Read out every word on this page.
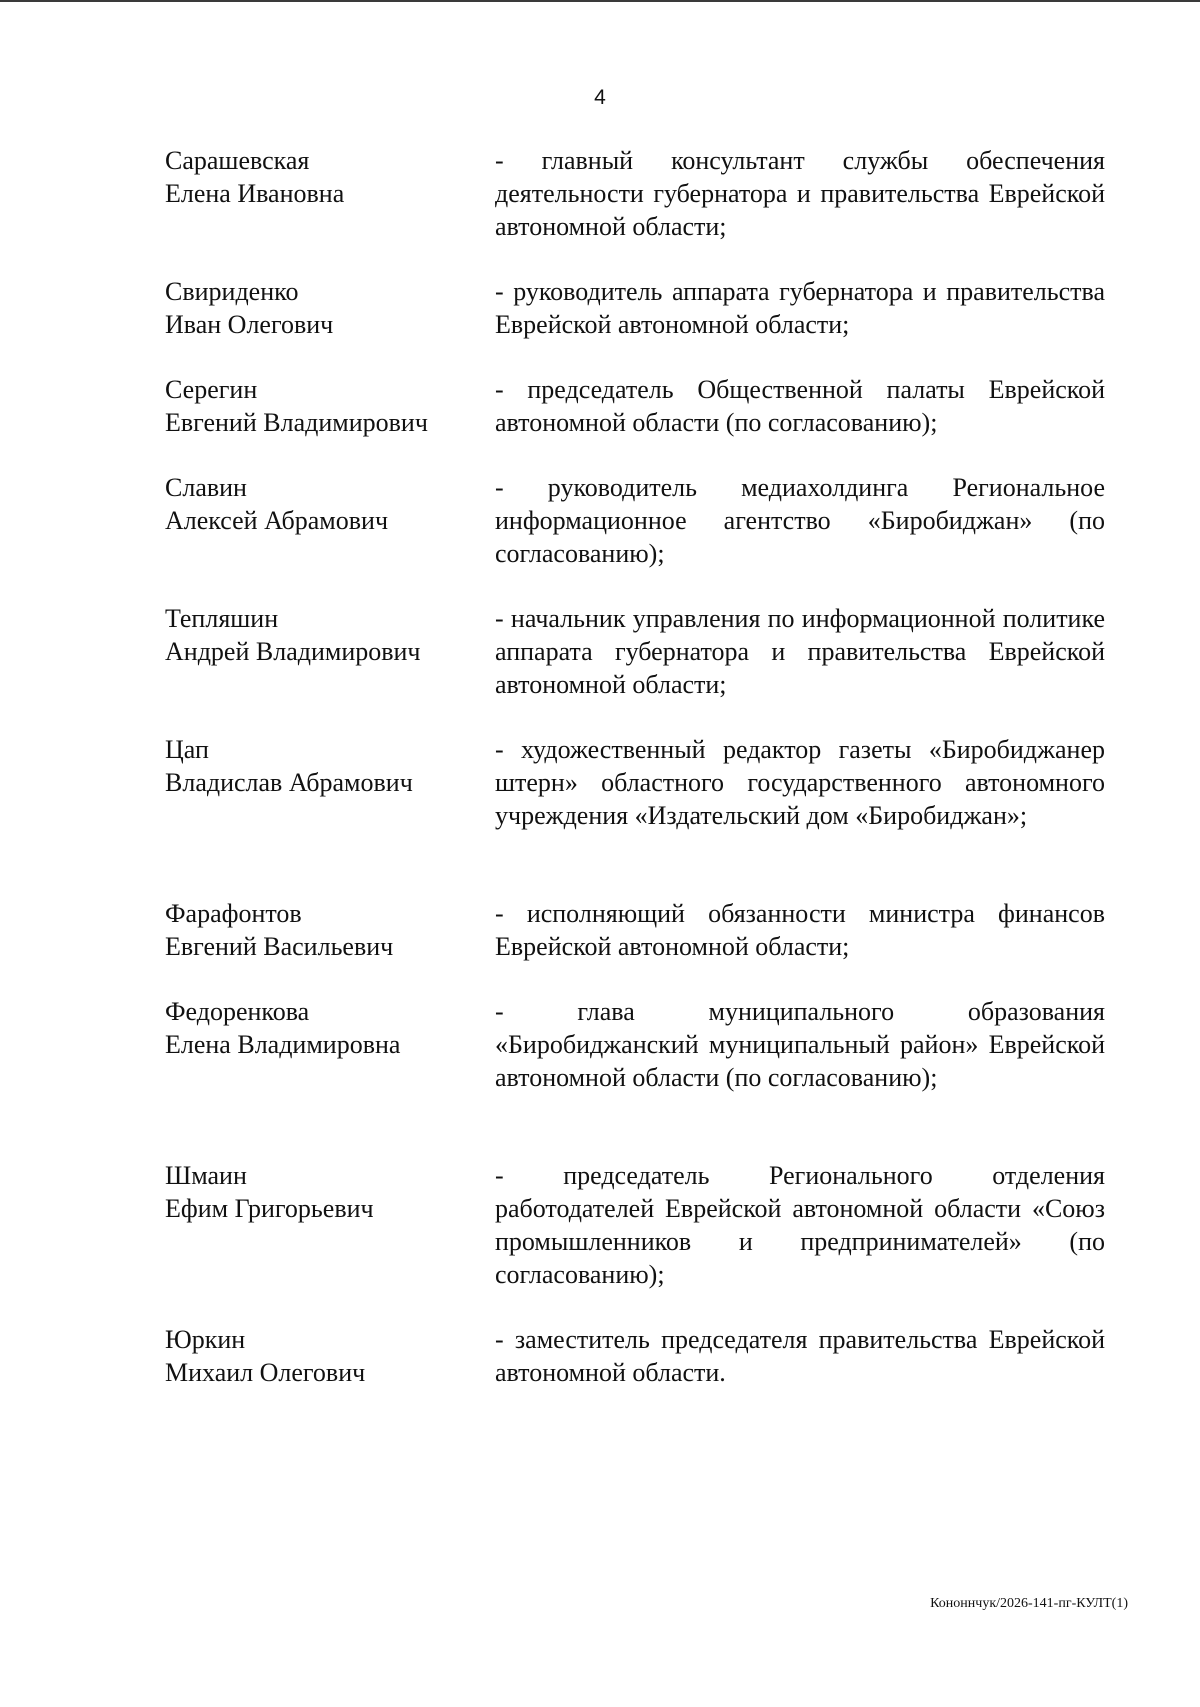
4
Сарашевская
Елена Ивановна
- главный консультант службы обеспечения деятельности губернатора и правительства Еврейской автономной области;
Свириденко
Иван Олегович
- руководитель аппарата губернатора и правительства Еврейской автономной области;
Серегин
Евгений Владимирович
- председатель Общественной палаты Еврейской автономной области (по согласованию);
Славин
Алексей Абрамович
- руководитель медиахолдинга Региональное информационное агентство «Биробиджан» (по согласованию);
Тепляшин
Андрей Владимирович
- начальник управления по информационной политике аппарата губернатора и правительства Еврейской автономной области;
Цап
Владислав Абрамович
- художественный редактор газеты «Биробиджанер штерн» областного государственного автономного учреждения «Издательский дом «Биробиджан»;
Фарафонтов
Евгений Васильевич
- исполняющий обязанности министра финансов Еврейской автономной области;
Федоренкова
Елена Владимировна
- глава муниципального образования «Биробиджанский муниципальный район» Еврейской автономной области (по согласованию);
Шмаин
Ефим Григорьевич
- председатель Регионального отделения работодателей Еврейской автономной области «Союз промышленников и предпринимателей» (по согласованию);
Юркин
Михаил Олегович
- заместитель председателя правительства Еврейской автономной области.
Кононнчук/2026-141-пг-КУЛТ(1)
